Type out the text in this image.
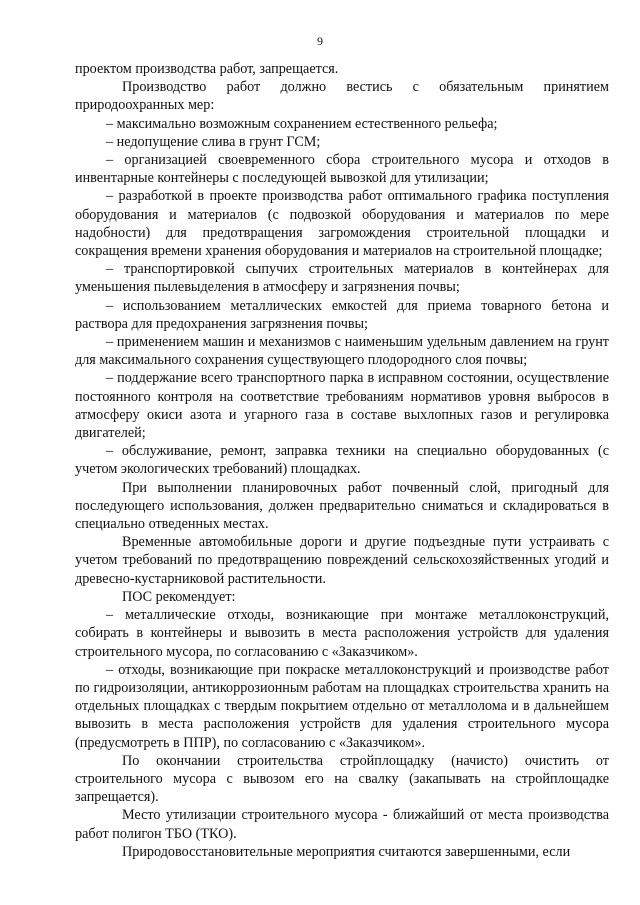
9

проектом производства работ, запрещается.

Производство работ должно вестись с обязательным принятием природоохранных мер:

– максимально возможным сохранением естественного рельефа;

– недопущение слива в грунт ГСМ;

– организацией своевременного сбора строительного мусора и отходов в инвентарные контейнеры с последующей вывозкой для утилизации;

– разработкой в проекте производства работ оптимального графика поступления оборудования и материалов (с подвозкой оборудования и материалов по мере надобности) для предотвращения загромождения строительной площадки и сокращения времени хранения оборудования и материалов на строительной площадке;

– транспортировкой сыпучих строительных материалов в контейнерах для уменьшения пылевыделения в атмосферу и загрязнения почвы;

– использованием металлических емкостей для приема товарного бетона и раствора для предохранения загрязнения почвы;

– применением машин и механизмов с наименьшим удельным давлением на грунт для максимального сохранения существующего плодородного слоя почвы;

– поддержание всего транспортного парка в исправном состоянии, осуществление постоянного контроля на соответствие требованиям нормативов уровня выбросов в атмосферу окиси азота и угарного газа в составе выхлопных газов и регулировка двигателей;

– обслуживание, ремонт, заправка техники на специально оборудованных (с учетом экологических требований) площадках.

При выполнении планировочных работ почвенный слой, пригодный для последующего использования, должен предварительно сниматься и складироваться в специально отведенных местах.

Временные автомобильные дороги и другие подъездные пути устраивать с учетом требований по предотвращению повреждений сельскохозяйственных угодий и древесно-кустарниковой растительности.

ПОС рекомендует:

– металлические отходы, возникающие при монтаже металлоконструкций, собирать в контейнеры и вывозить в места расположения устройств для удаления строительного мусора, по согласованию с «Заказчиком».

– отходы, возникающие при покраске металлоконструкций и производстве работ по гидроизоляции, антикоррозионным работам на площадках строительства хранить на отдельных площадках с твердым покрытием отдельно от металлолома и в дальнейшем вывозить в места расположения устройств для удаления строительного мусора (предусмотреть в ППР), по согласованию с «Заказчиком».

По окончании строительства стройплощадку (начисто) очистить от строительного мусора с вывозом его на свалку (закапывать на стройплощадке запрещается).

Место утилизации строительного мусора - ближайший от места производства работ полигон ТБО (ТКО).

Природовосстановительные мероприятия считаются завершенными, если
